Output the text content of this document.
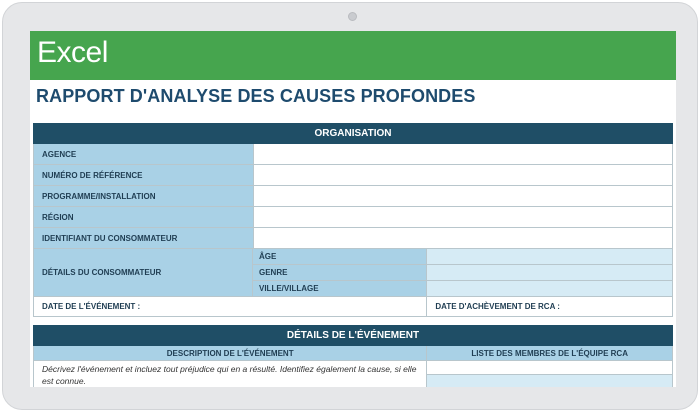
Excel
RAPPORT D'ANALYSE DES CAUSES PROFONDES
ORGANISATION
AGENCE
NUMÉRO DE RÉFÉRENCE
PROGRAMME/INSTALLATION
RÉGION
IDENTIFIANT DU CONSOMMATEUR
DÉTAILS DU CONSOMMATEUR
ÂGE
GENRE
VILLE/VILLAGE
DATE DE L'ÉVÉNEMENT :	DATE D'ACHÈVEMENT DE RCA :
DÉTAILS DE L'ÉVÉNEMENT
DESCRIPTION DE L'ÉVÉNEMENT	LISTE DES MEMBRES DE L'ÉQUIPE RCA
Décrivez l'événement et incluez tout préjudice qui en a résulté. Identifiez également la cause, si elle est connue.
